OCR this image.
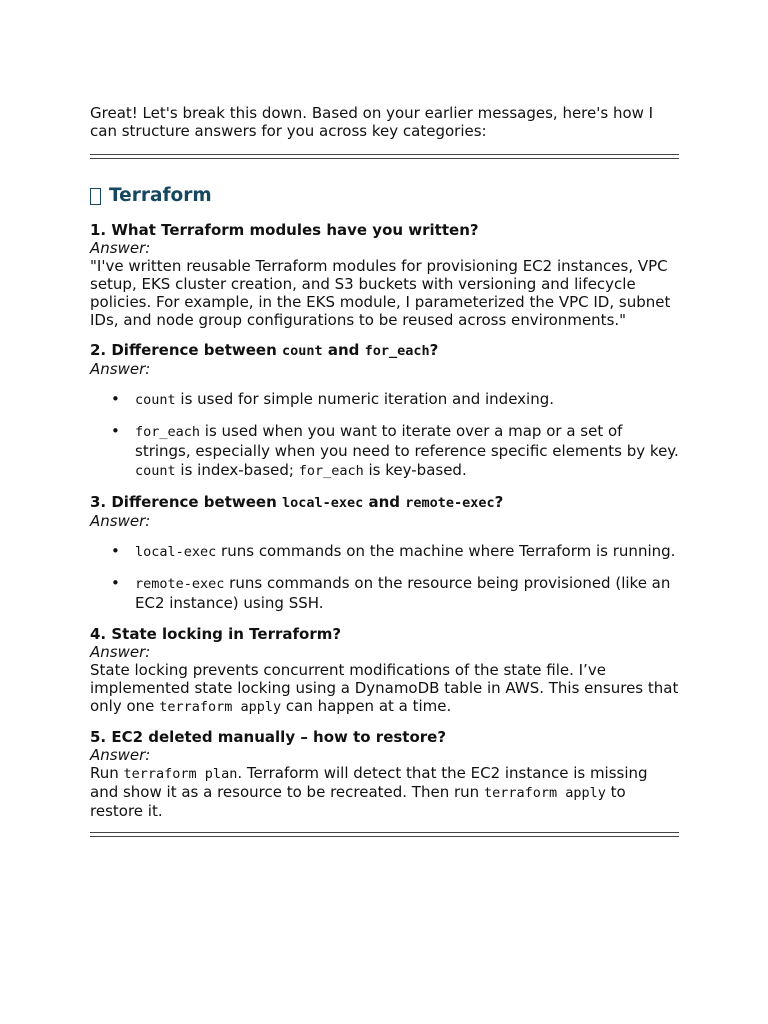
Great! Let's break this down. Based on your earlier messages, here's how I can structure answers for you across key categories:

Terraform

1. What Terraform modules have you written?

Answer:

"I've written reusable Terraform modules for provisioning EC2 instances, VPC setup, EKS cluster creation, and S3 buckets with versioning and lifecycle policies. For example, in the EKS module, I parameterized the VPC ID, subnet IDs, and node group configurations to be reused across environments."

2. Difference between count and for_each?

Answer:

• count is used for simple numeric iteration and indexing.
• for_each is used when you want to iterate over a map or a set of strings, especially when you need to reference specific elements by key.
count is index-based; for_each is key-based.

3. Difference between local-exec and remote-exec?

Answer:

• local-exec runs commands on the machine where Terraform is running.
• remote-exec runs commands on the resource being provisioned (like an EC2 instance) using SSH.

4. State locking in Terraform?

Answer:

State locking prevents concurrent modifications of the state file. I’ve implemented state locking using a DynamoDB table in AWS. This ensures that only one terraform apply can happen at a time.

5. EC2 deleted manually – how to restore?

Answer:

Run terraform plan. Terraform will detect that the EC2 instance is missing and show it as a resource to be recreated. Then run terraform apply to restore it.
